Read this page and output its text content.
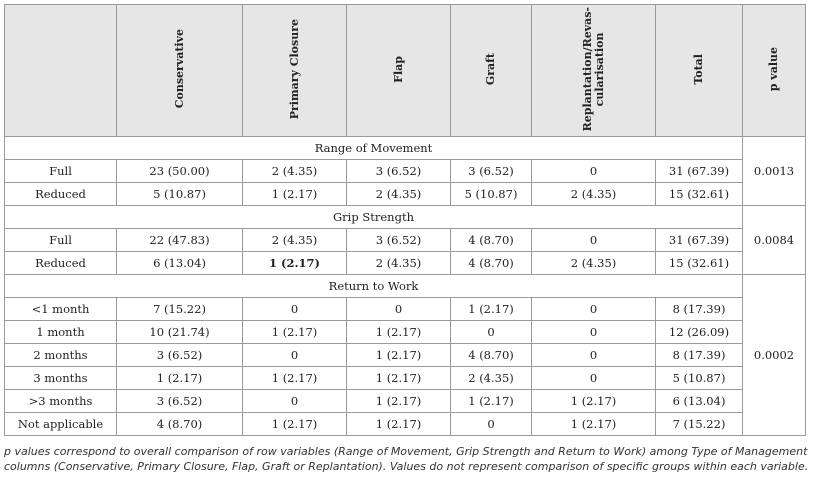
	Conservative	Primary Closure	Flap	Graft	Replantation/Revas-
cularisation	Total	p value
Range of Movement							0.0013
Full	23 (50.00)	2 (4.35)	3 (6.52)	3 (6.52)	0	31 (67.39)	
Reduced	5 (10.87)	1 (2.17)	2 (4.35)	5 (10.87)	2 (4.35)	15 (32.61)	
Grip Strength							0.0084
Full	22 (47.83)	2 (4.35)	3 (6.52)	4 (8.70)	0	31 (67.39)	
Reduced	6 (13.04)	1 (2.17)	2 (4.35)	4 (8.70)	2 (4.35)	15 (32.61)	
Return to Work							0.0002
<1 month	7 (15.22)	0	0	1 (2.17)	0	8 (17.39)	
1 month	10 (21.74)	1 (2.17)	1 (2.17)	0	0	12 (26.09)	
2 months	3 (6.52)	0	1 (2.17)	4 (8.70)	0	8 (17.39)	
3 months	1 (2.17)	1 (2.17)	1 (2.17)	2 (4.35)	0	5 (10.87)	
>3 months	3 (6.52)	0	1 (2.17)	1 (2.17)	1 (2.17)	6 (13.04)	
Not applicable	4 (8.70)	1 (2.17)	1 (2.17)	0	1 (2.17)	7 (15.22)	
p values correspond to overall comparison of row variables (Range of Movement, Grip Strength and Return to Work) among Type of Management columns (Conservative, Primary Closure, Flap, Graft or Replantation). Values do not represent comparison of specific groups within each variable.
